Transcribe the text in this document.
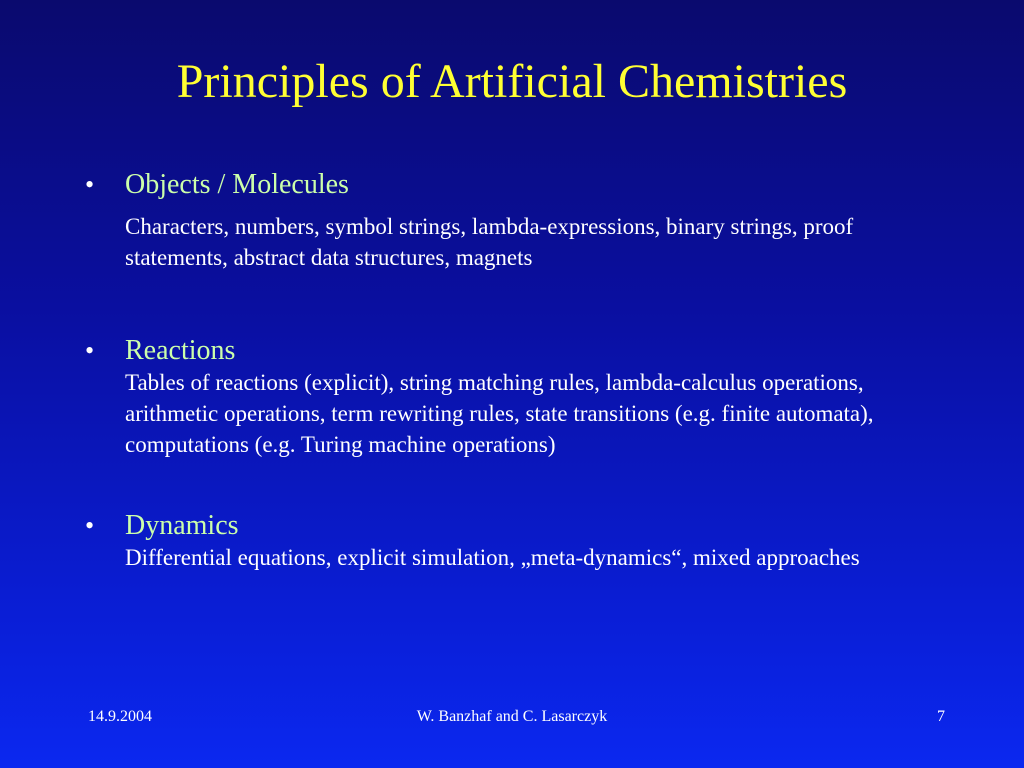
Principles of Artificial Chemistries
• Objects / Molecules
Characters, numbers, symbol strings, lambda-expressions, binary strings, proof statements, abstract data structures, magnets
• Reactions
Tables of reactions (explicit), string matching rules, lambda-calculus operations, arithmetic operations, term rewriting rules, state transitions (e.g. finite automata), computations (e.g. Turing machine operations)
• Dynamics
Differential equations, explicit simulation, „meta-dynamics“, mixed approaches
14.9.2004	W. Banzhaf and C. Lasarczyk	7
